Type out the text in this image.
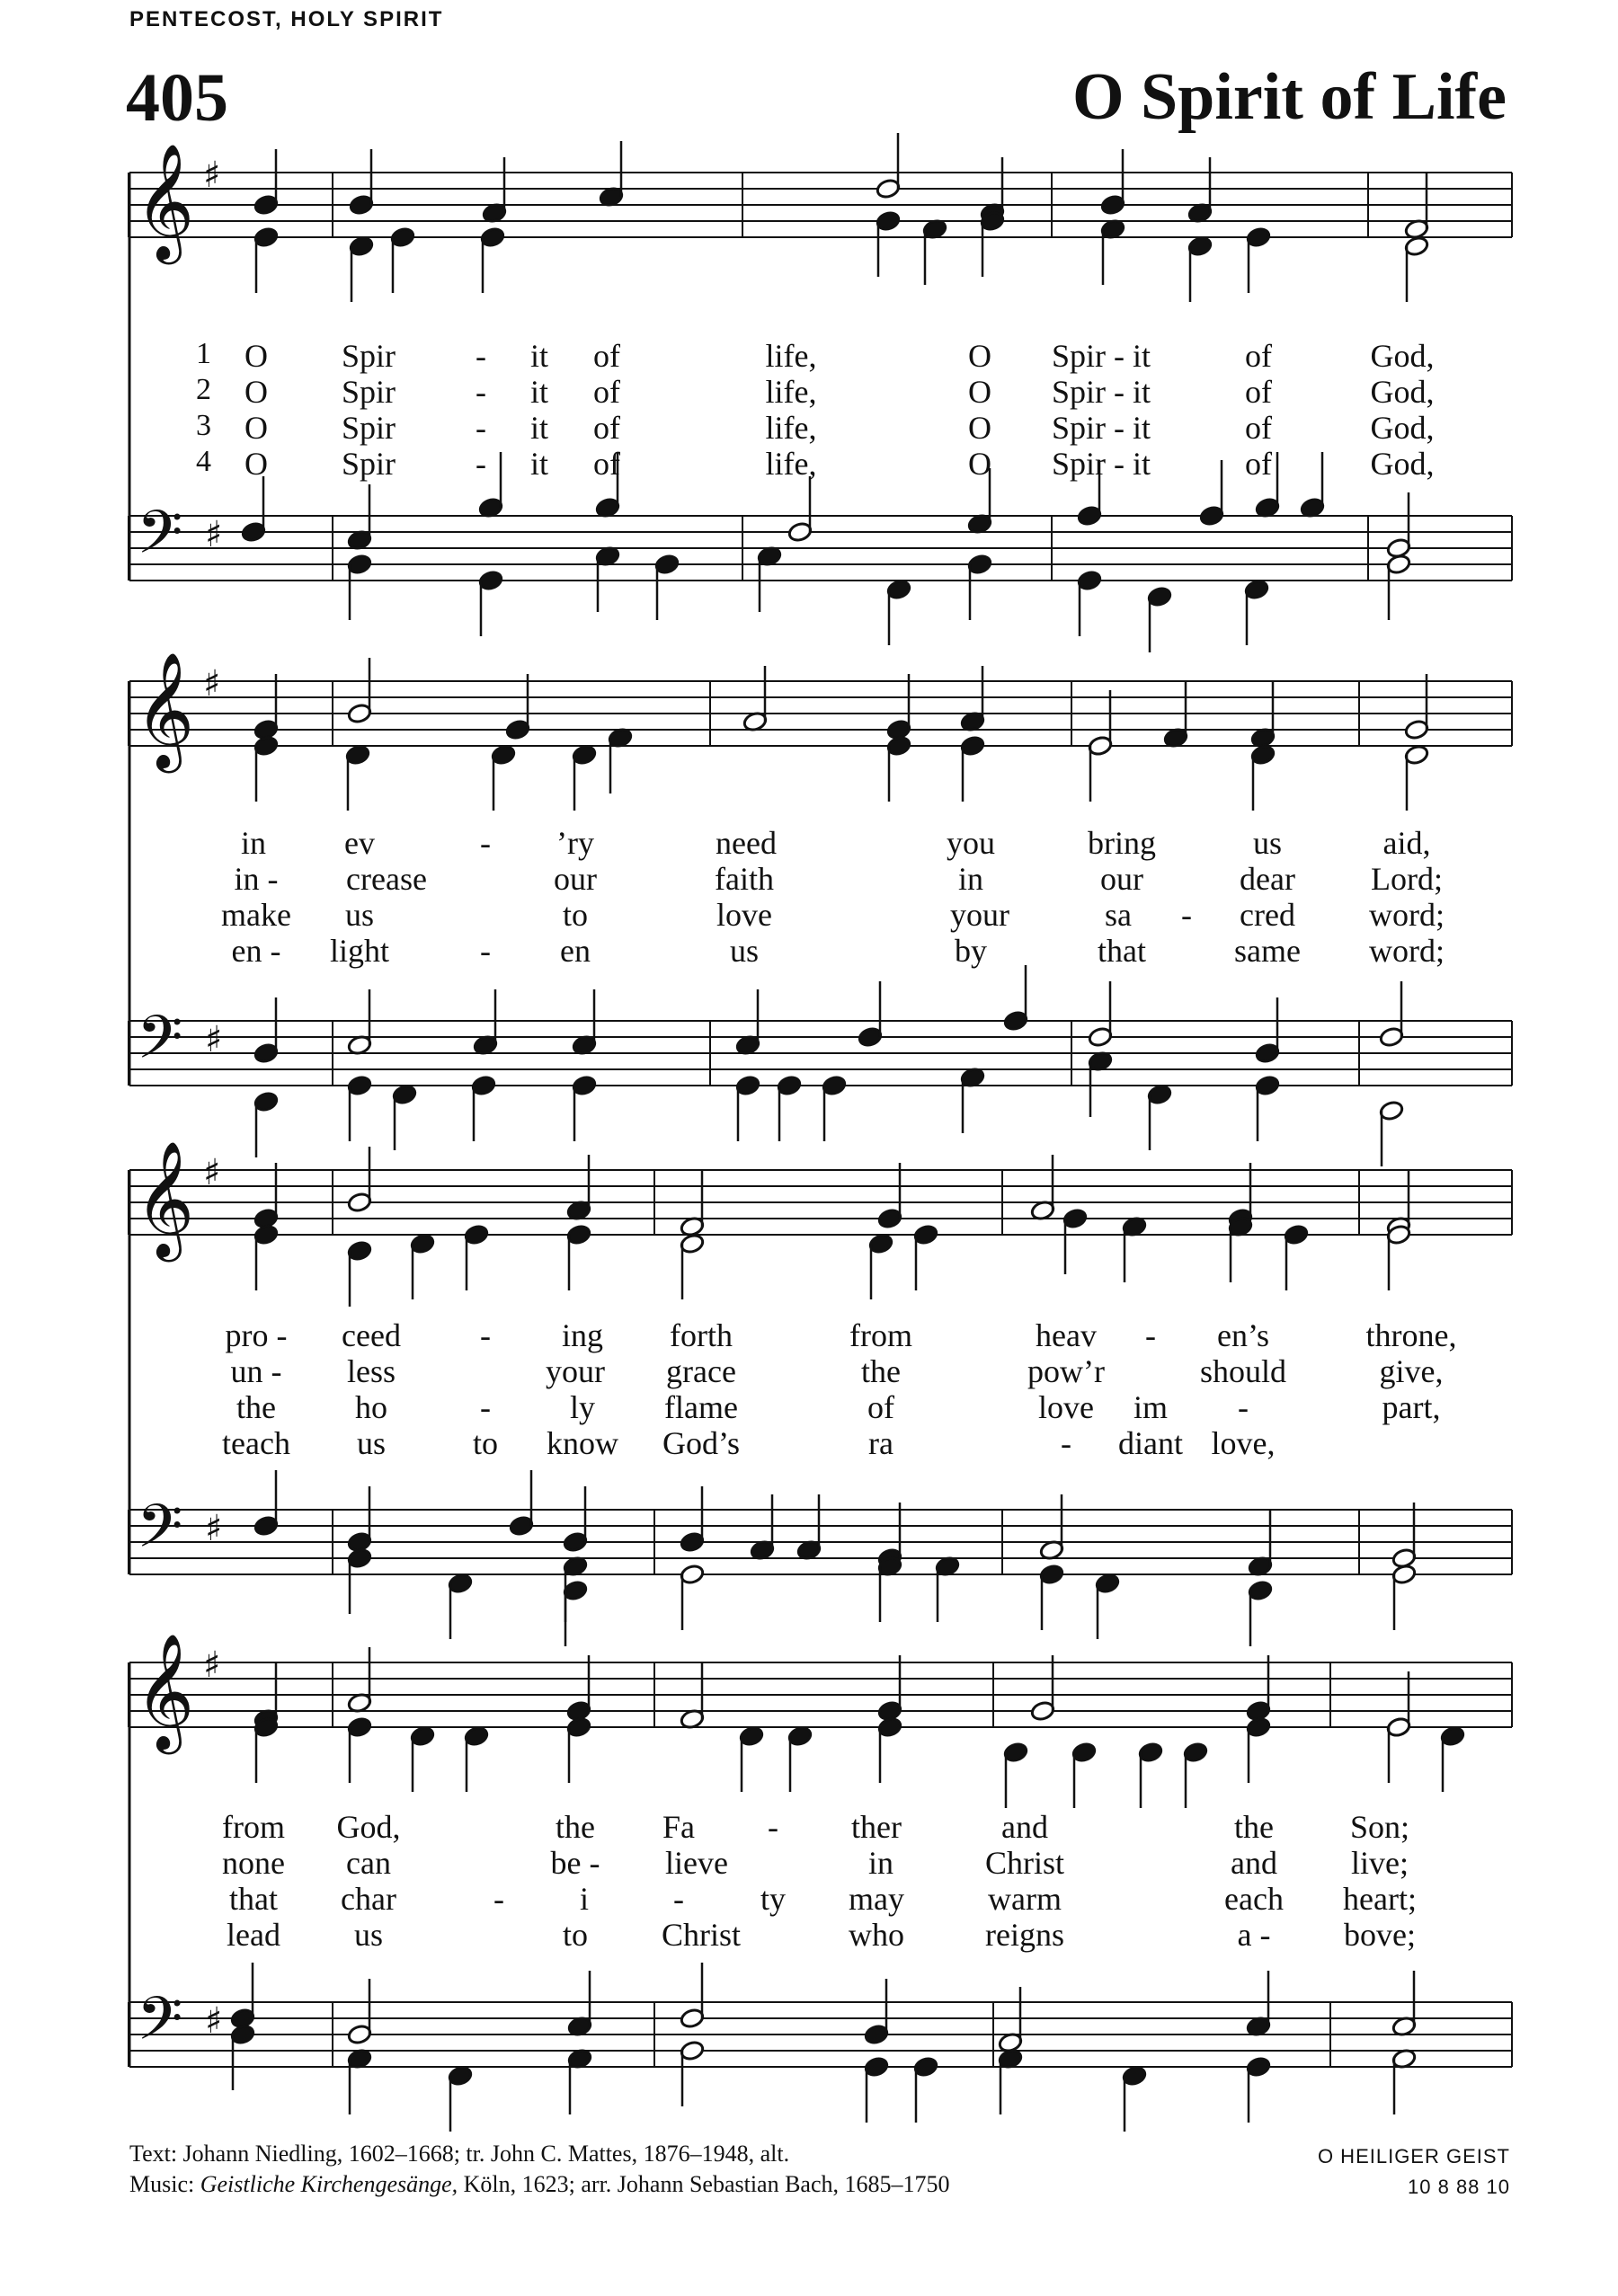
PENTECOST, HOLY SPIRIT
405	O Spirit of Life
𝄞
𝄢
♯
♯
𝄞
𝄢
♯
♯
𝄞
𝄢
♯
♯
𝄞
𝄢
♯
♯
1 O Spir - it of	life,	O Spir - it	of	God,
2 O Spir - it of	life,	O Spir - it	of	God,
3 O Spir - it of	life,	O Spir - it	of	God,
4 O Spir - it of	life,	O Spir - it	of	God,
in ev	- ’ry	need	you	bring	us	aid,
in - crease	our	faith	in	our	dear Lord;
make us	to	love	your	sa - cred word;
en - light	- en	us	by	that	same word;
pro - ceed - ing forth	from	heav - en’s	throne,
un - less	your grace	the	pow’r	should	give,
the ho	- ly flame	of	love im -	part,
teach us	to know God’s	ra	- diant love,
from God,	the Fa - ther	and	the Son;
none can	be - lieve	in	Christ	and live;
that char	- i	- ty may	warm	each heart;
lead us	to Christ	who	reigns	a - bove;
Text: Johann Niedling, 1602–1668; tr. John C. Mattes, 1876–1948, alt.
Music: Geistliche Kirchengesänge, Köln, 1623; arr. Johann Sebastian Bach, 1685–1750
O HEILIGER GEIST
10 8 88 10
